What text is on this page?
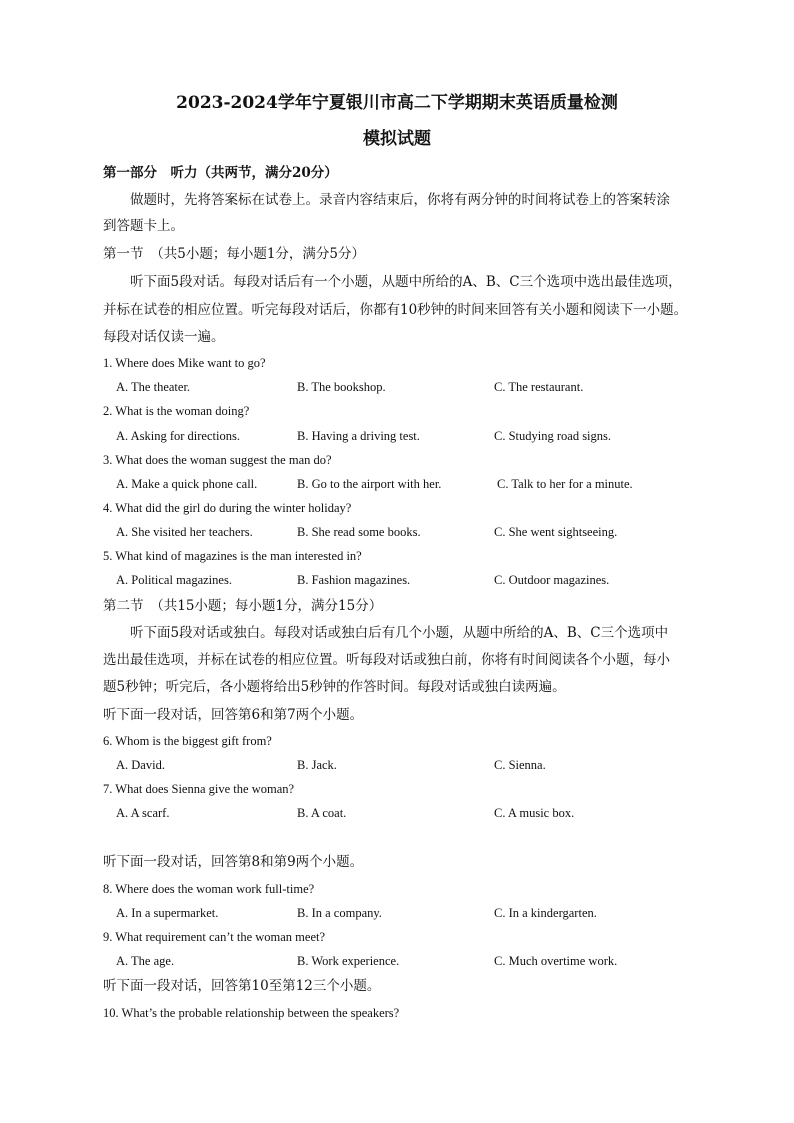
2023-2024学年宁夏银川市高二下学期期末英语质量检测
模拟试题
第一部分　听力（共两节，满分20分）
做题时，先将答案标在试卷上。录音内容结束后，你将有两分钟的时间将试卷上的答案转涂
到答题卡上。
第一节　（共5小题；每小题1分，满分5分）
听下面5段对话。每段对话后有一个小题，从题中所给的A、B、C三个选项中选出最佳选项，
并标在试卷的相应位置。听完每段对话后，你都有10秒钟的时间来回答有关小题和阅读下一小题。
每段对话仅读一遍。
1. Where does Mike want to go?
A. The theater.	B. The bookshop.	C. The restaurant.
2. What is the woman doing?
A. Asking for directions.	B. Having a driving test.	C. Studying road signs.
3. What does the woman suggest the man do?
A. Make a quick phone call.	B. Go to the airport with her.	C. Talk to her for a minute.
4. What did the girl do during the winter holiday?
A. She visited her teachers.	B. She read some books.	C. She went sightseeing.
5. What kind of magazines is the man interested in?
A. Political magazines.	B. Fashion magazines.	C. Outdoor magazines.
第二节　（共15小题；每小题1分，满分15分）
听下面5段对话或独白。每段对话或独白后有几个小题，从题中所给的A、B、C三个选项中
选出最佳选项，并标在试卷的相应位置。听每段对话或独白前，你将有时间阅读各个小题，每小
题5秒钟；听完后，各小题将给出5秒钟的作答时间。每段对话或独白读两遍。
听下面一段对话，回答第6和第7两个小题。
6. Whom is the biggest gift from?
A. David.	B. Jack.	C. Sienna.
7. What does Sienna give the woman?
A. A scarf.	B. A coat.	C. A music box.
听下面一段对话，回答第8和第9两个小题。
8. Where does the woman work full-time?
A. In a supermarket.	B. In a company.	C. In a kindergarten.
9. What requirement can’t the woman meet?
A. The age.	B. Work experience.	C. Much overtime work.
听下面一段对话，回答第10至第12三个小题。
10. What’s the probable relationship between the speakers?
